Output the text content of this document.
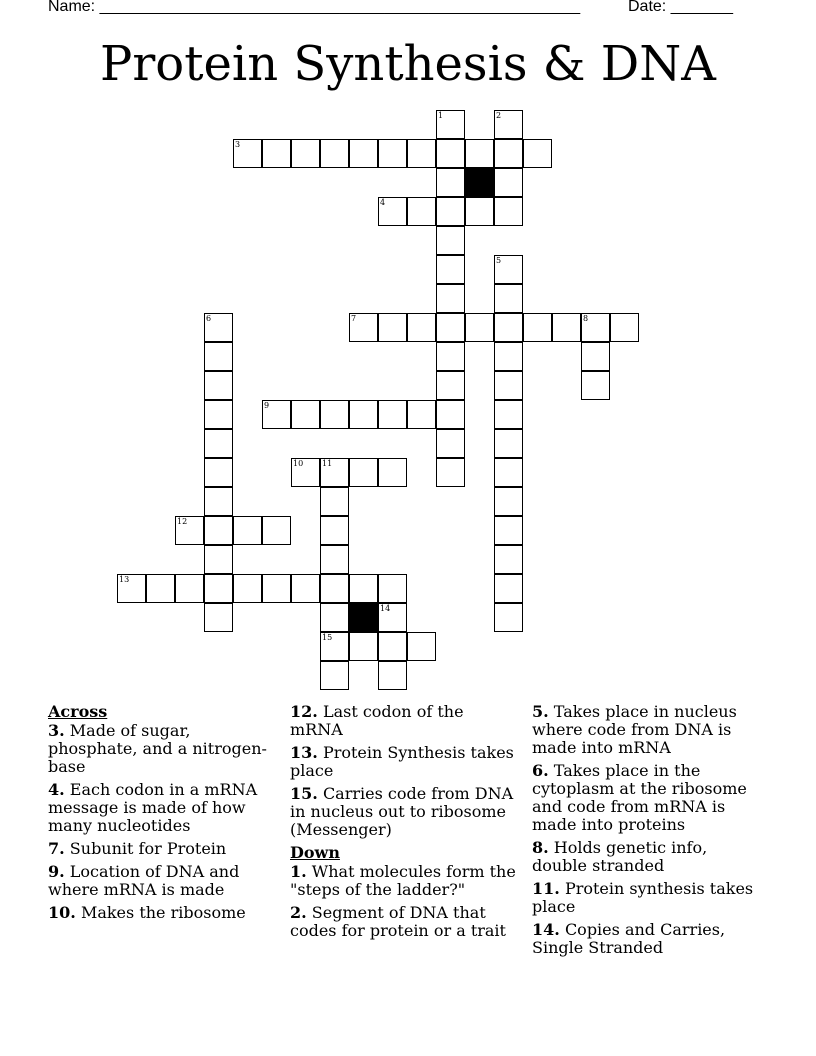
Name: ______________________________________________________	Date: _______
Protein Synthesis & DNA
1	2
3
4
5
6	7	8
9
10 11
15
12
13
14
Across
3. Made of sugar, phosphate, and a nitrogen-base
4. Each codon in a mRNA message is made of how many nucleotides
7. Subunit for Protein
9. Location of DNA and where mRNA is made
10. Makes the ribosome
12. Last codon of the mRNA
13. Protein Synthesis takes place
15. Carries code from DNA in nucleus out to ribosome (Messenger)
Down
1. What molecules form the "steps of the ladder?"
2. Segment of DNA that codes for protein or a trait
5. Takes place in nucleus where code from DNA is made into mRNA
6. Takes place in the cytoplasm at the ribosome and code from mRNA is made into proteins
8. Holds genetic info, double stranded
11. Protein synthesis takes place
14. Copies and Carries, Single Stranded
